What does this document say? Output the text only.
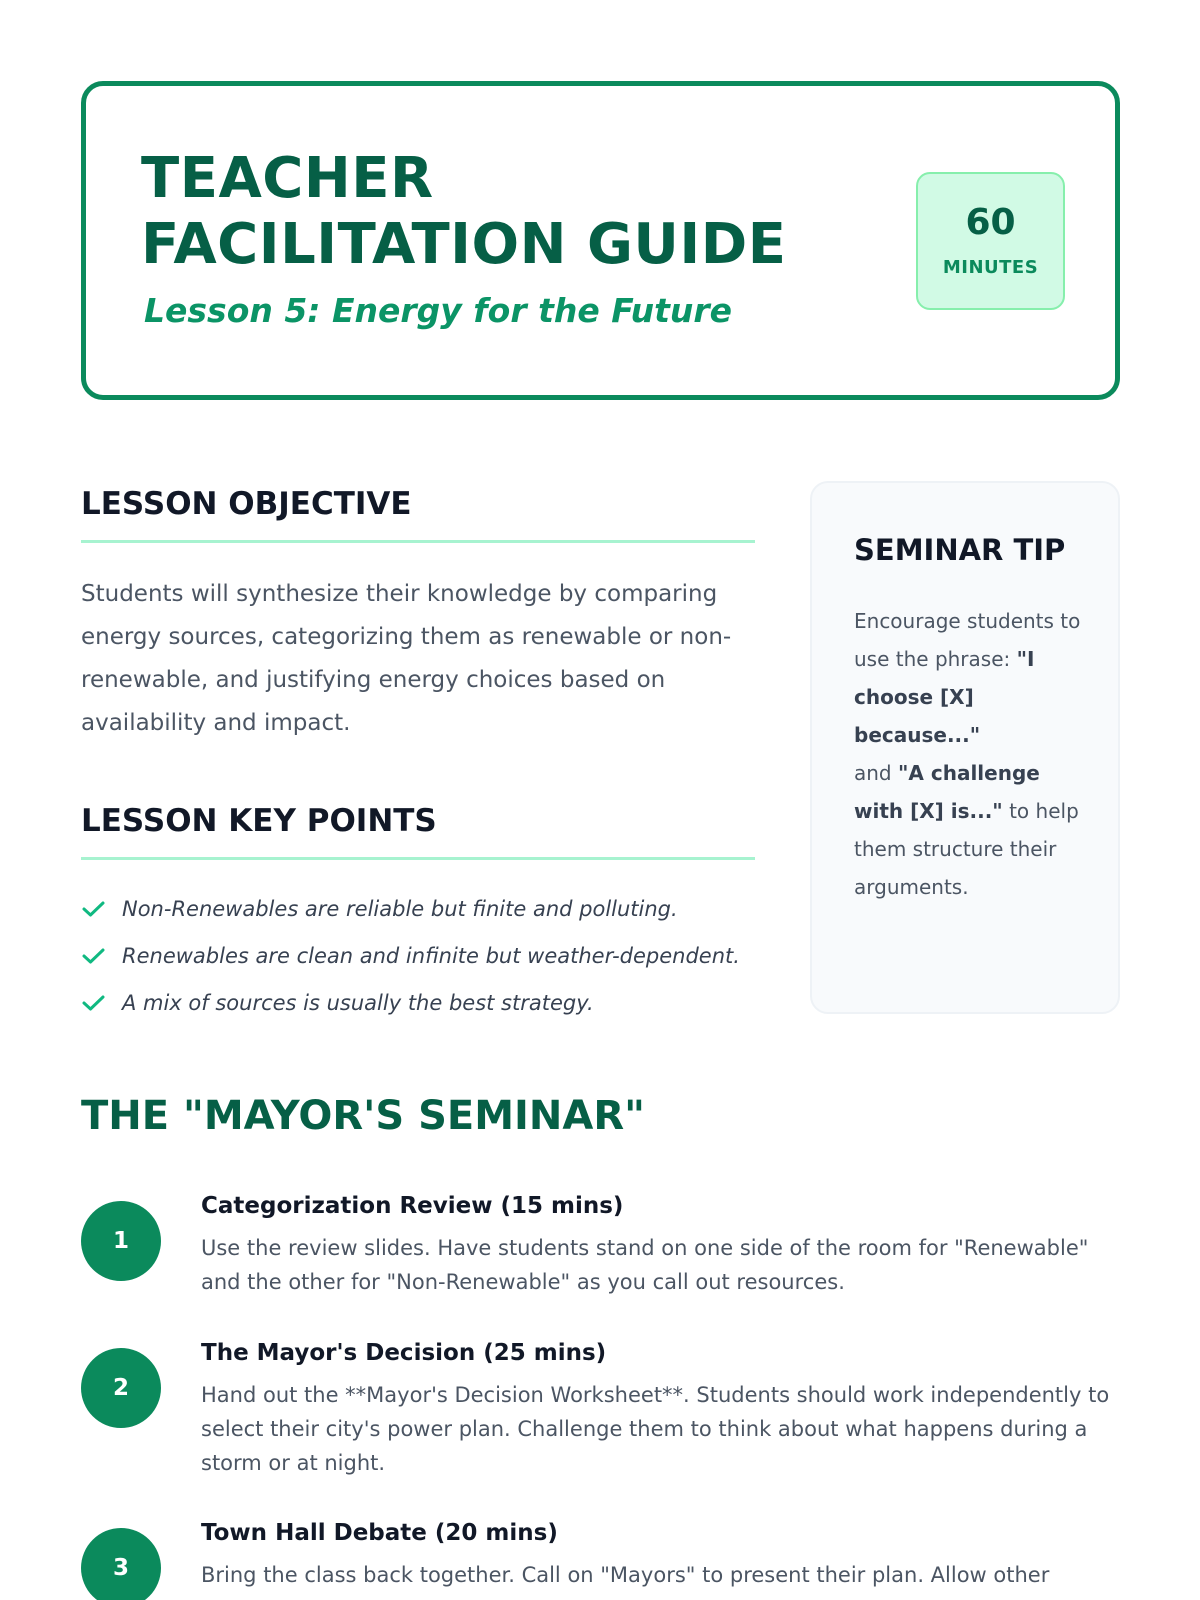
TEACHER
FACILITATION GUIDE
Lesson 5: Energy for the Future
60
MINUTES
LESSON OBJECTIVE

Students will synthesize their knowledge by comparing energy sources, categorizing them as renewable or non-renewable, and justifying energy choices based on availability and impact.

LESSON KEY POINTS
Non-Renewables are reliable but finite and polluting.
Renewables are clean and infinite but weather-dependent.
A mix of sources is usually the best strategy.
SEMINAR TIP

Encourage students to use the phrase: "I choose [X] because..."
and "A challenge with [X] is..." to help them structure their arguments.

THE "MAYOR'S SEMINAR"
1
Categorization Review (15 mins)
Use the review slides. Have students stand on one side of the room for "Renewable" and the other for "Non-Renewable" as you call out resources.
2
The Mayor's Decision (25 mins)
Hand out the **Mayor's Decision Worksheet**. Students should work independently to select their city's power plan. Challenge them to think about what happens during a storm or at night.
3
Town Hall Debate (20 mins)
Bring the class back together. Call on "Mayors" to present their plan. Allow other
